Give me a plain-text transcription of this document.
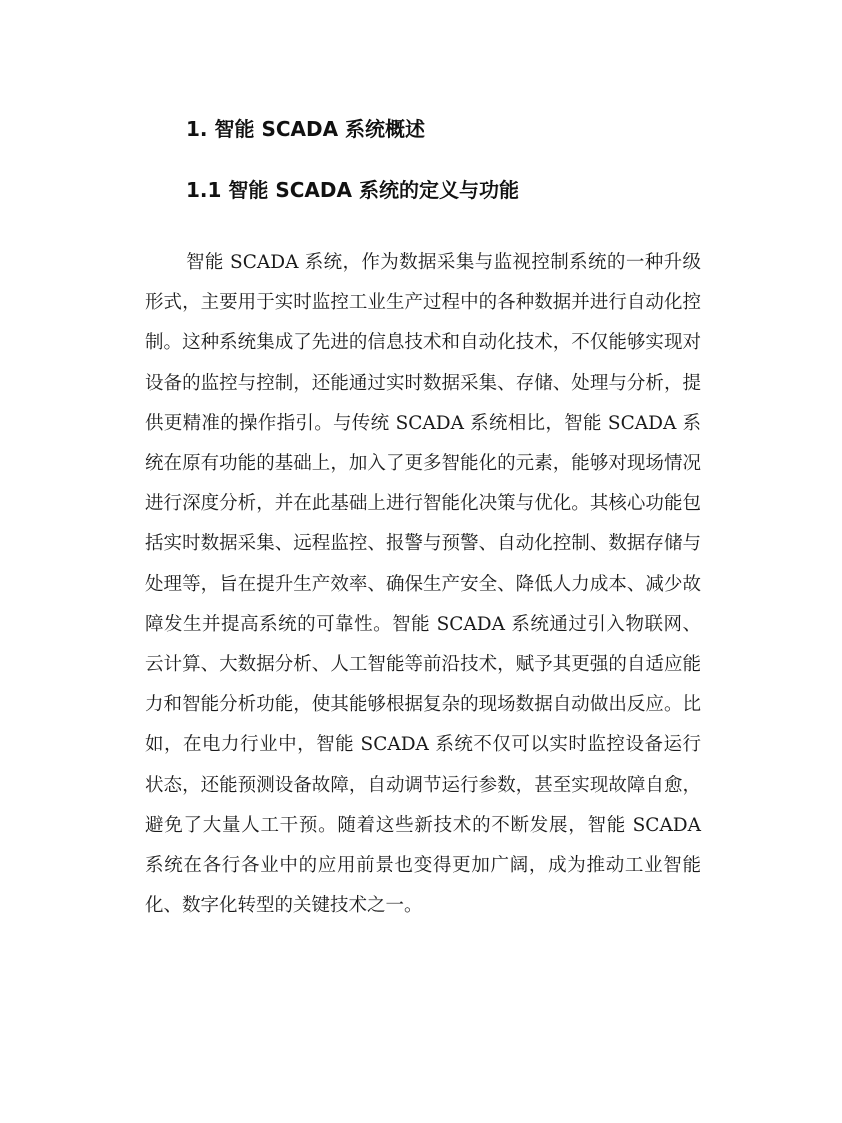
1. 智能 SCADA 系统概述
1.1 智能 SCADA 系统的定义与功能

智能 SCADA 系统，作为数据采集与监视控制系统的一种升级形式，主要用于实时监控工业生产过程中的各种数据并进行自动化控制。这种系统集成了先进的信息技术和自动化技术，不仅能够实现对设备的监控与控制，还能通过实时数据采集、存储、处理与分析，提供更精准的操作指引。与传统 SCADA 系统相比，智能 SCADA 系统在原有功能的基础上，加入了更多智能化的元素，能够对现场情况进行深度分析，并在此基础上进行智能化决策与优化。其核心功能包括实时数据采集、远程监控、报警与预警、自动化控制、数据存储与处理等，旨在提升生产效率、确保生产安全、降低人力成本、减少故障发生并提高系统的可靠性。智能 SCADA 系统通过引入物联网、云计算、大数据分析、人工智能等前沿技术，赋予其更强的自适应能力和智能分析功能，使其能够根据复杂的现场数据自动做出反应。比如，在电力行业中，智能 SCADA 系统不仅可以实时监控设备运行状态，还能预测设备故障，自动调节运行参数，甚至实现故障自愈，避免了大量人工干预。随着这些新技术的不断发展，智能 SCADA 系统在各行各业中的应用前景也变得更加广阔，成为推动工业智能化、数字化转型的关键技术之一。
